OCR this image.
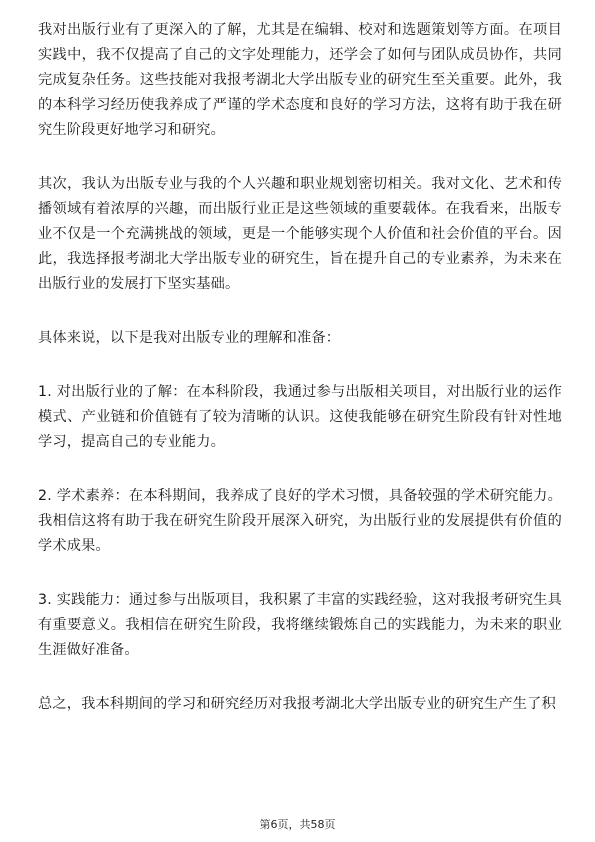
我对出版行业有了更深入的了解，尤其是在编辑、校对和选题策划等方面。在项目实践中，我不仅提高了自己的文字处理能力，还学会了如何与团队成员协作，共同完成复杂任务。这些技能对我报考湖北大学出版专业的研究生至关重要。此外，我的本科学习经历使我养成了严谨的学术态度和良好的学习方法，这将有助于我在研究生阶段更好地学习和研究。

其次，我认为出版专业与我的个人兴趣和职业规划密切相关。我对文化、艺术和传播领域有着浓厚的兴趣，而出版行业正是这些领域的重要载体。在我看来，出版专业不仅是一个充满挑战的领域，更是一个能够实现个人价值和社会价值的平台。因此，我选择报考湖北大学出版专业的研究生，旨在提升自己的专业素养，为未来在出版行业的发展打下坚实基础。

具体来说，以下是我对出版专业的理解和准备：

1. 对出版行业的了解：在本科阶段，我通过参与出版相关项目，对出版行业的运作模式、产业链和价值链有了较为清晰的认识。这使我能够在研究生阶段有针对性地学习，提高自己的专业能力。

2. 学术素养：在本科期间，我养成了良好的学术习惯，具备较强的学术研究能力。我相信这将有助于我在研究生阶段开展深入研究，为出版行业的发展提供有价值的学术成果。

3. 实践能力：通过参与出版项目，我积累了丰富的实践经验，这对我报考研究生具有重要意义。我相信在研究生阶段，我将继续锻炼自己的实践能力，为未来的职业生涯做好准备。

总之，我本科期间的学习和研究经历对我报考湖北大学出版专业的研究生产生了积

第6页，共58页
